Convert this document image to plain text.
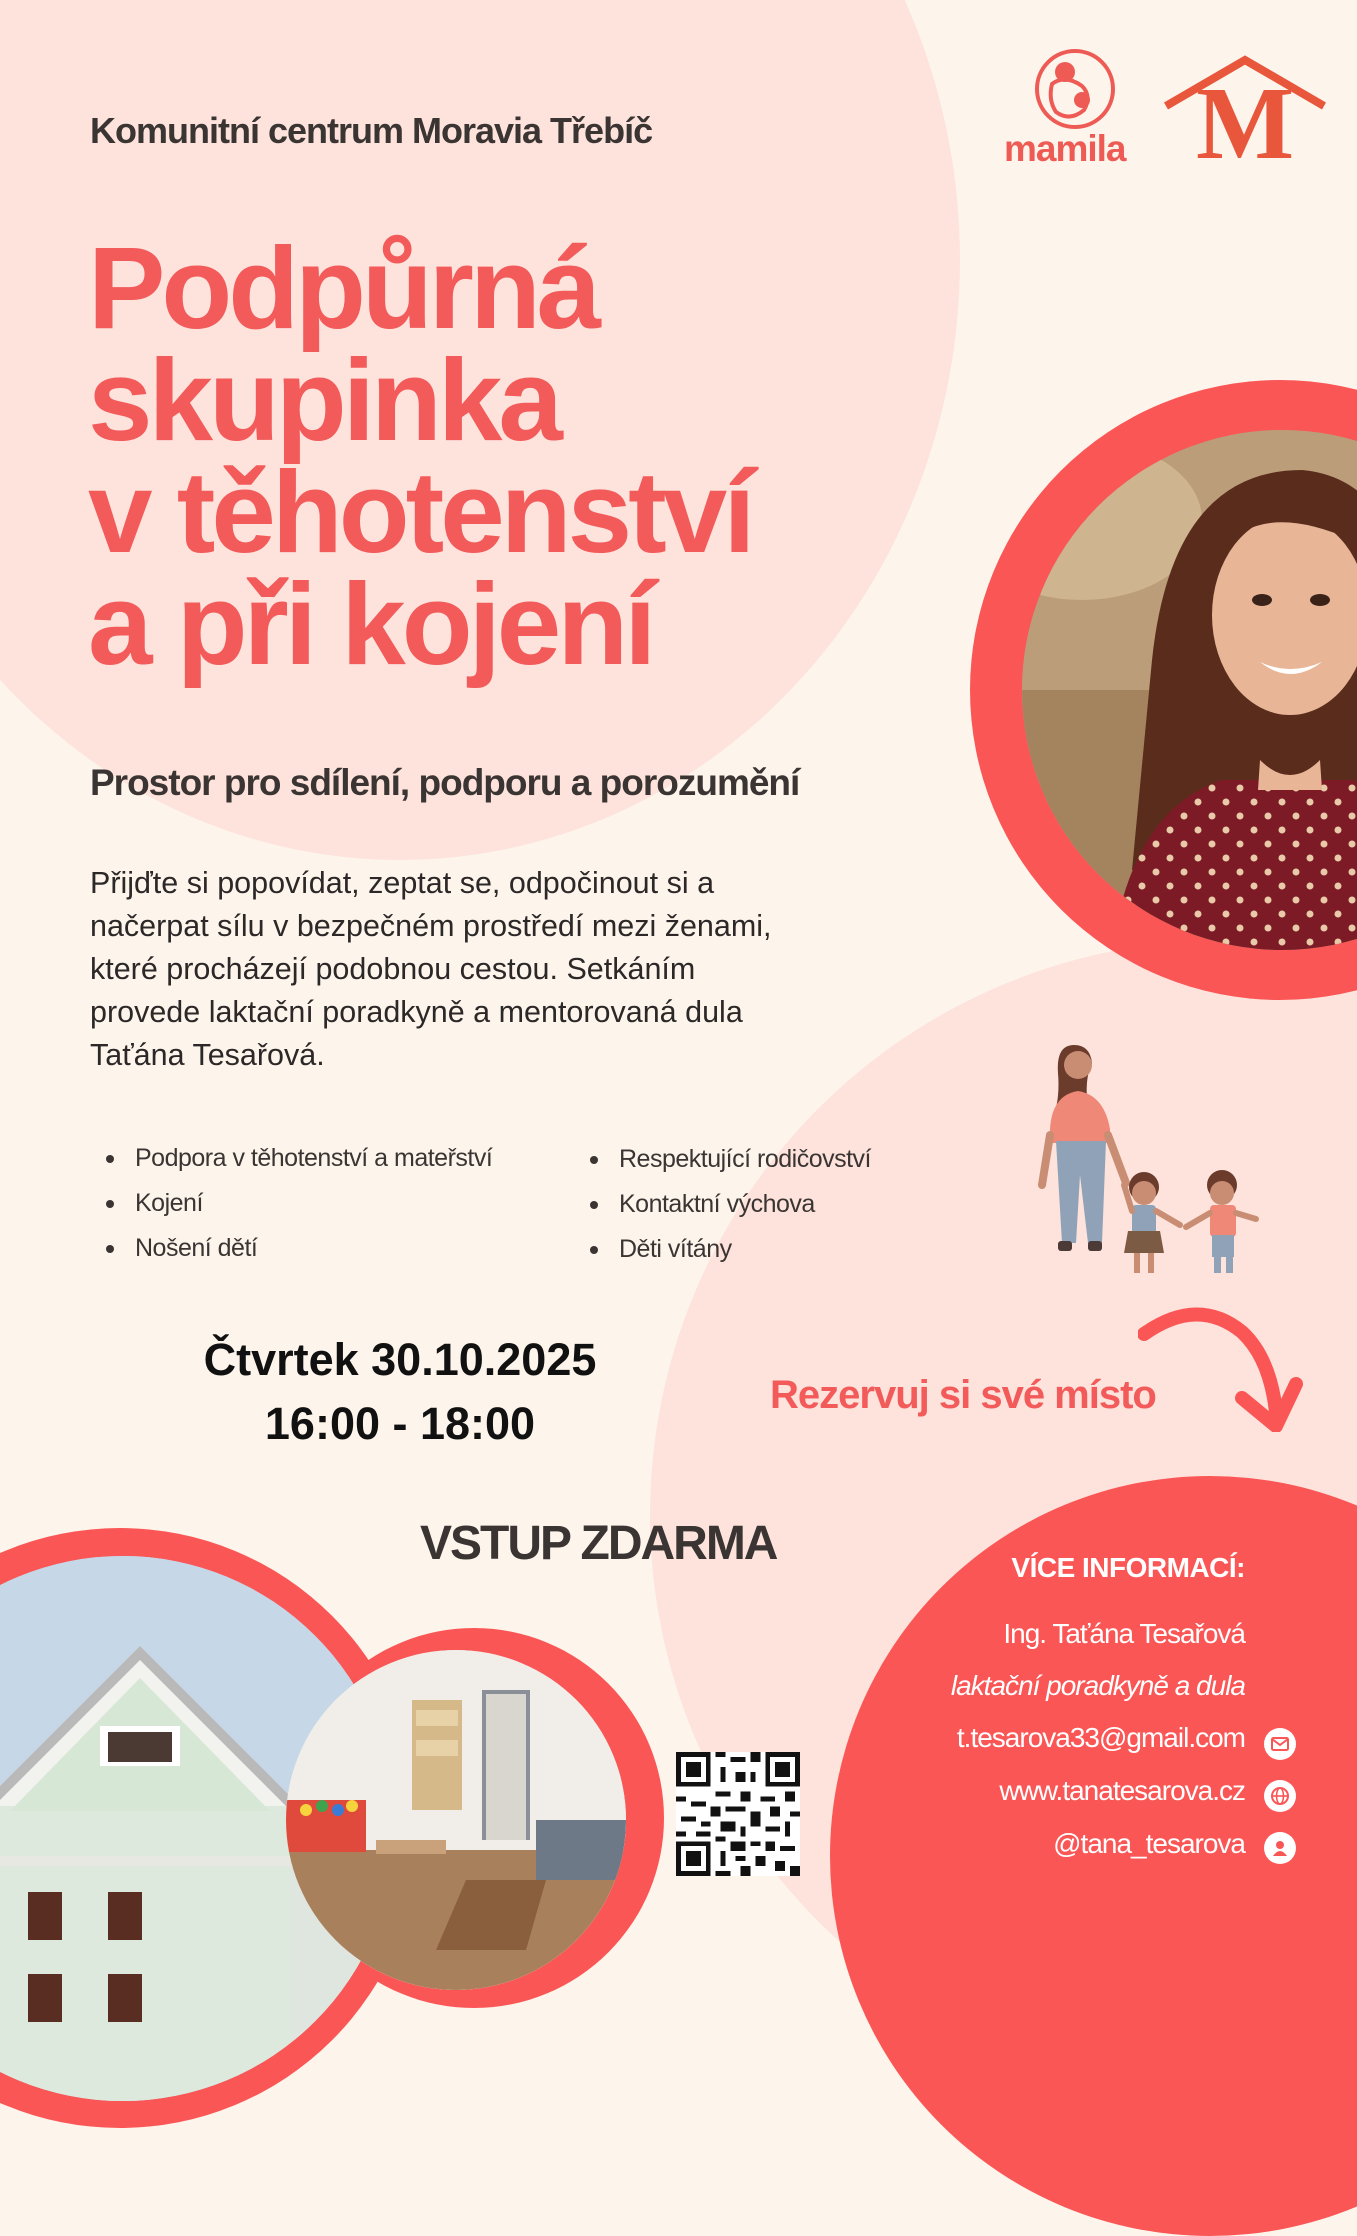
Komunitní centrum Moravia Třebíč	mamila M
Podpůrná
skupinka
v těhotenství
a při kojení
Prostor pro sdílení, podporu a porozumění
Přijďte si popovídat, zeptat se, odpočinout si a
načerpat sílu v bezpečném prostředí mezi ženami,
které procházejí podobnou cestou. Setkáním
provede laktační poradkyně a mentorovaná dula
Taťána Tesařová.
Podpora v těhotenství a mateřství
Kojení
Nošení dětí
Respektující rodičovství
Kontaktní výchova
Děti vítány
Čtvrtek 30.10.2025
16:00 - 18:00
Rezervuj si své místo
VSTUP ZDARMA	VÍCE INFORMACÍ:
Ing. Taťána Tesařová
laktační poradkyně a dula
t.tesarova33@gmail.com
www.tanatesarova.cz
@tana_tesarova
